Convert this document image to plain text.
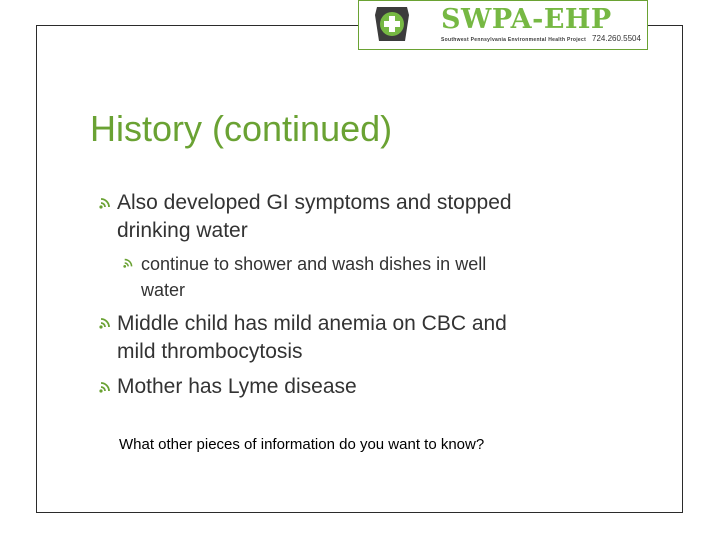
SWPA-EHP
Southwest Pennsylvania Environmental Health Project 724.260.5504
History (continued)
Also developed GI symptoms and stopped
drinking water
continue to shower and wash dishes in well
water
Middle child has mild anemia on CBC and
mild thrombocytosis
Mother has Lyme disease
What other pieces of information do you want to know?
